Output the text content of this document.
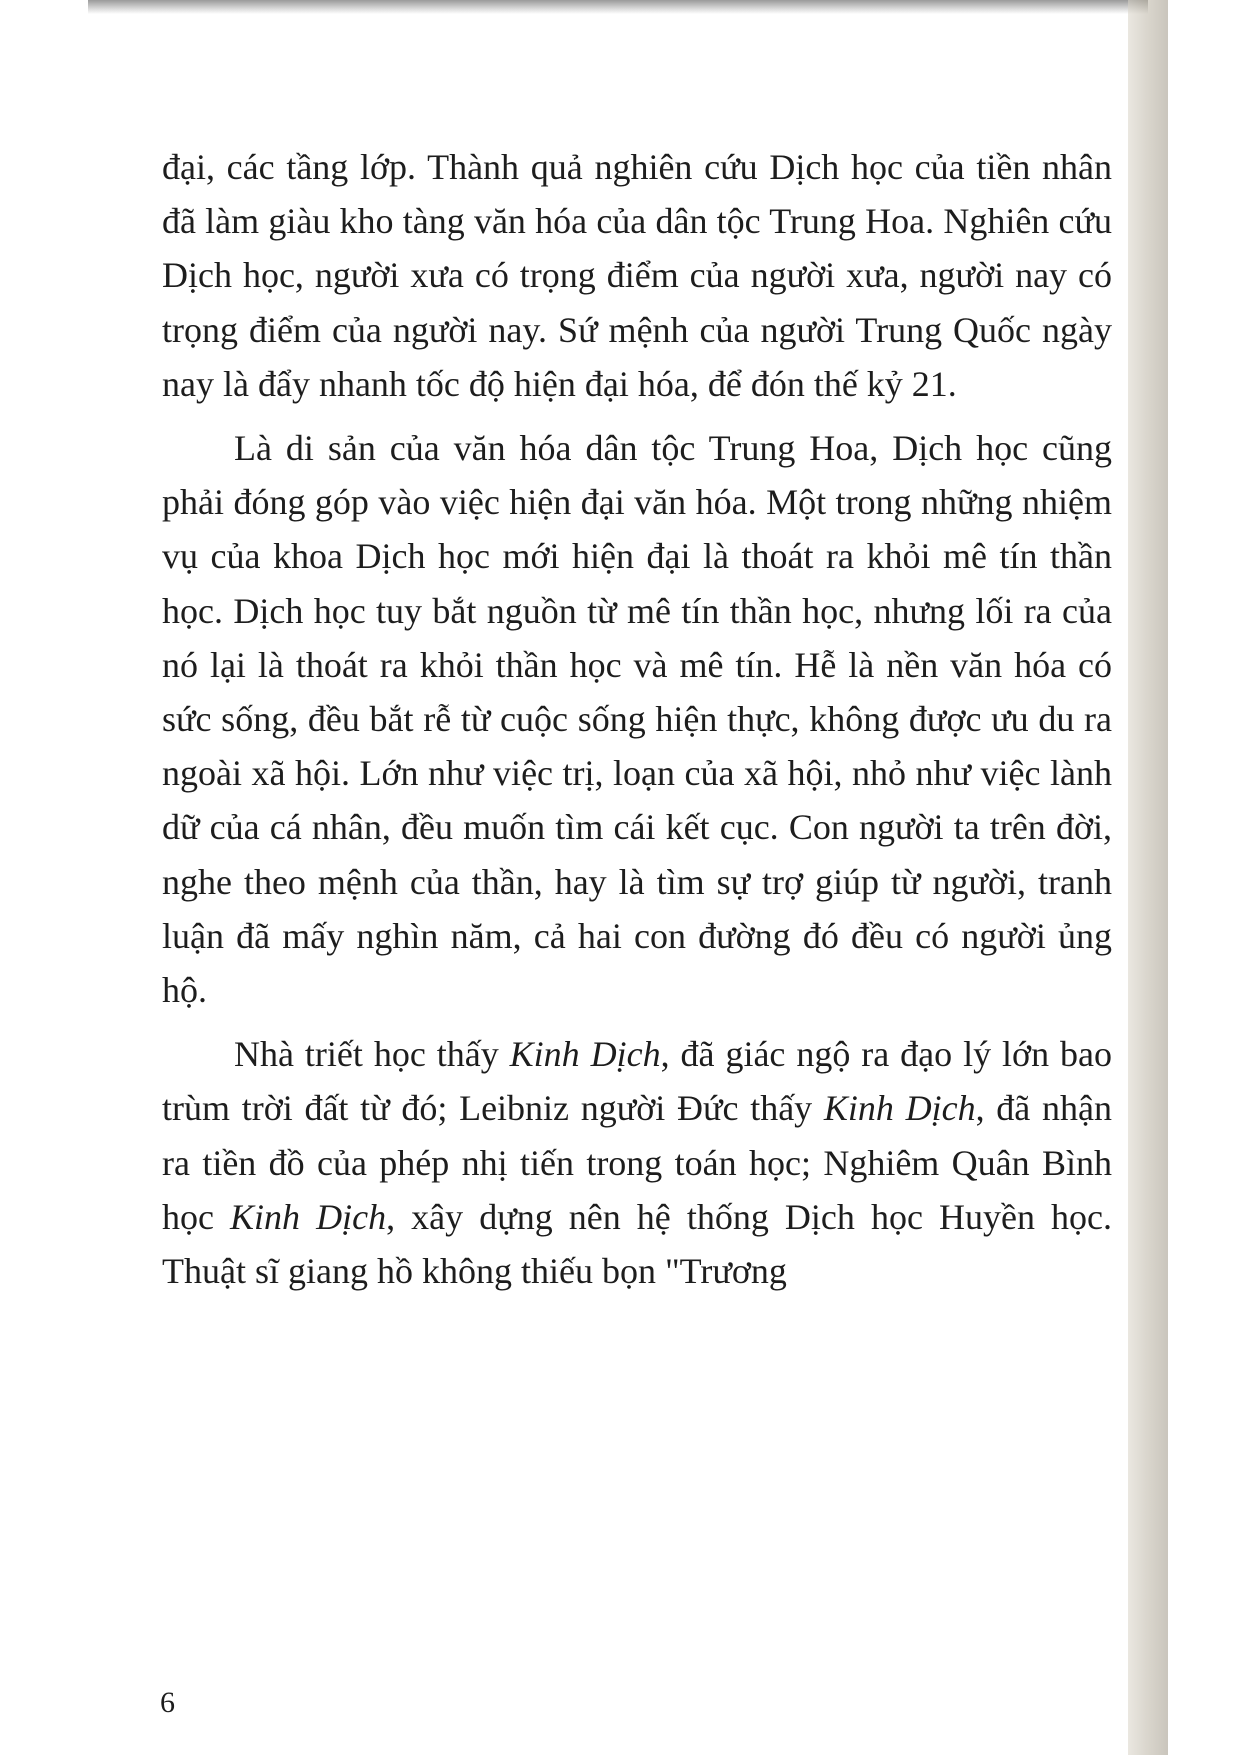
đại, các tầng lớp. Thành quả nghiên cứu Dịch học của tiền nhân đã làm giàu kho tàng văn hóa của dân tộc Trung Hoa. Nghiên cứu Dịch học, người xưa có trọng điểm của người xưa, người nay có trọng điểm của người nay. Sứ mệnh của người Trung Quốc ngày nay là đẩy nhanh tốc độ hiện đại hóa, để đón thế kỷ 21.

Là di sản của văn hóa dân tộc Trung Hoa, Dịch học cũng phải đóng góp vào việc hiện đại văn hóa. Một trong những nhiệm vụ của khoa Dịch học mới hiện đại là thoát ra khỏi mê tín thần học. Dịch học tuy bắt nguồn từ mê tín thần học, nhưng lối ra của nó lại là thoát ra khỏi thần học và mê tín. Hễ là nền văn hóa có sức sống, đều bắt rễ từ cuộc sống hiện thực, không được ưu du ra ngoài xã hội. Lớn như việc trị, loạn của xã hội, nhỏ như việc lành dữ của cá nhân, đều muốn tìm cái kết cục. Con người ta trên đời, nghe theo mệnh của thần, hay là tìm sự trợ giúp từ người, tranh luận đã mấy nghìn năm, cả hai con đường đó đều có người ủng hộ.

Nhà triết học thấy Kinh Dịch, đã giác ngộ ra đạo lý lớn bao trùm trời đất từ đó; Leibniz người Đức thấy Kinh Dịch, đã nhận ra tiền đồ của phép nhị tiến trong toán học; Nghiêm Quân Bình học Kinh Dịch, xây dựng nên hệ thống Dịch học Huyền học. Thuật sĩ giang hồ không thiếu bọn "Trương

6
